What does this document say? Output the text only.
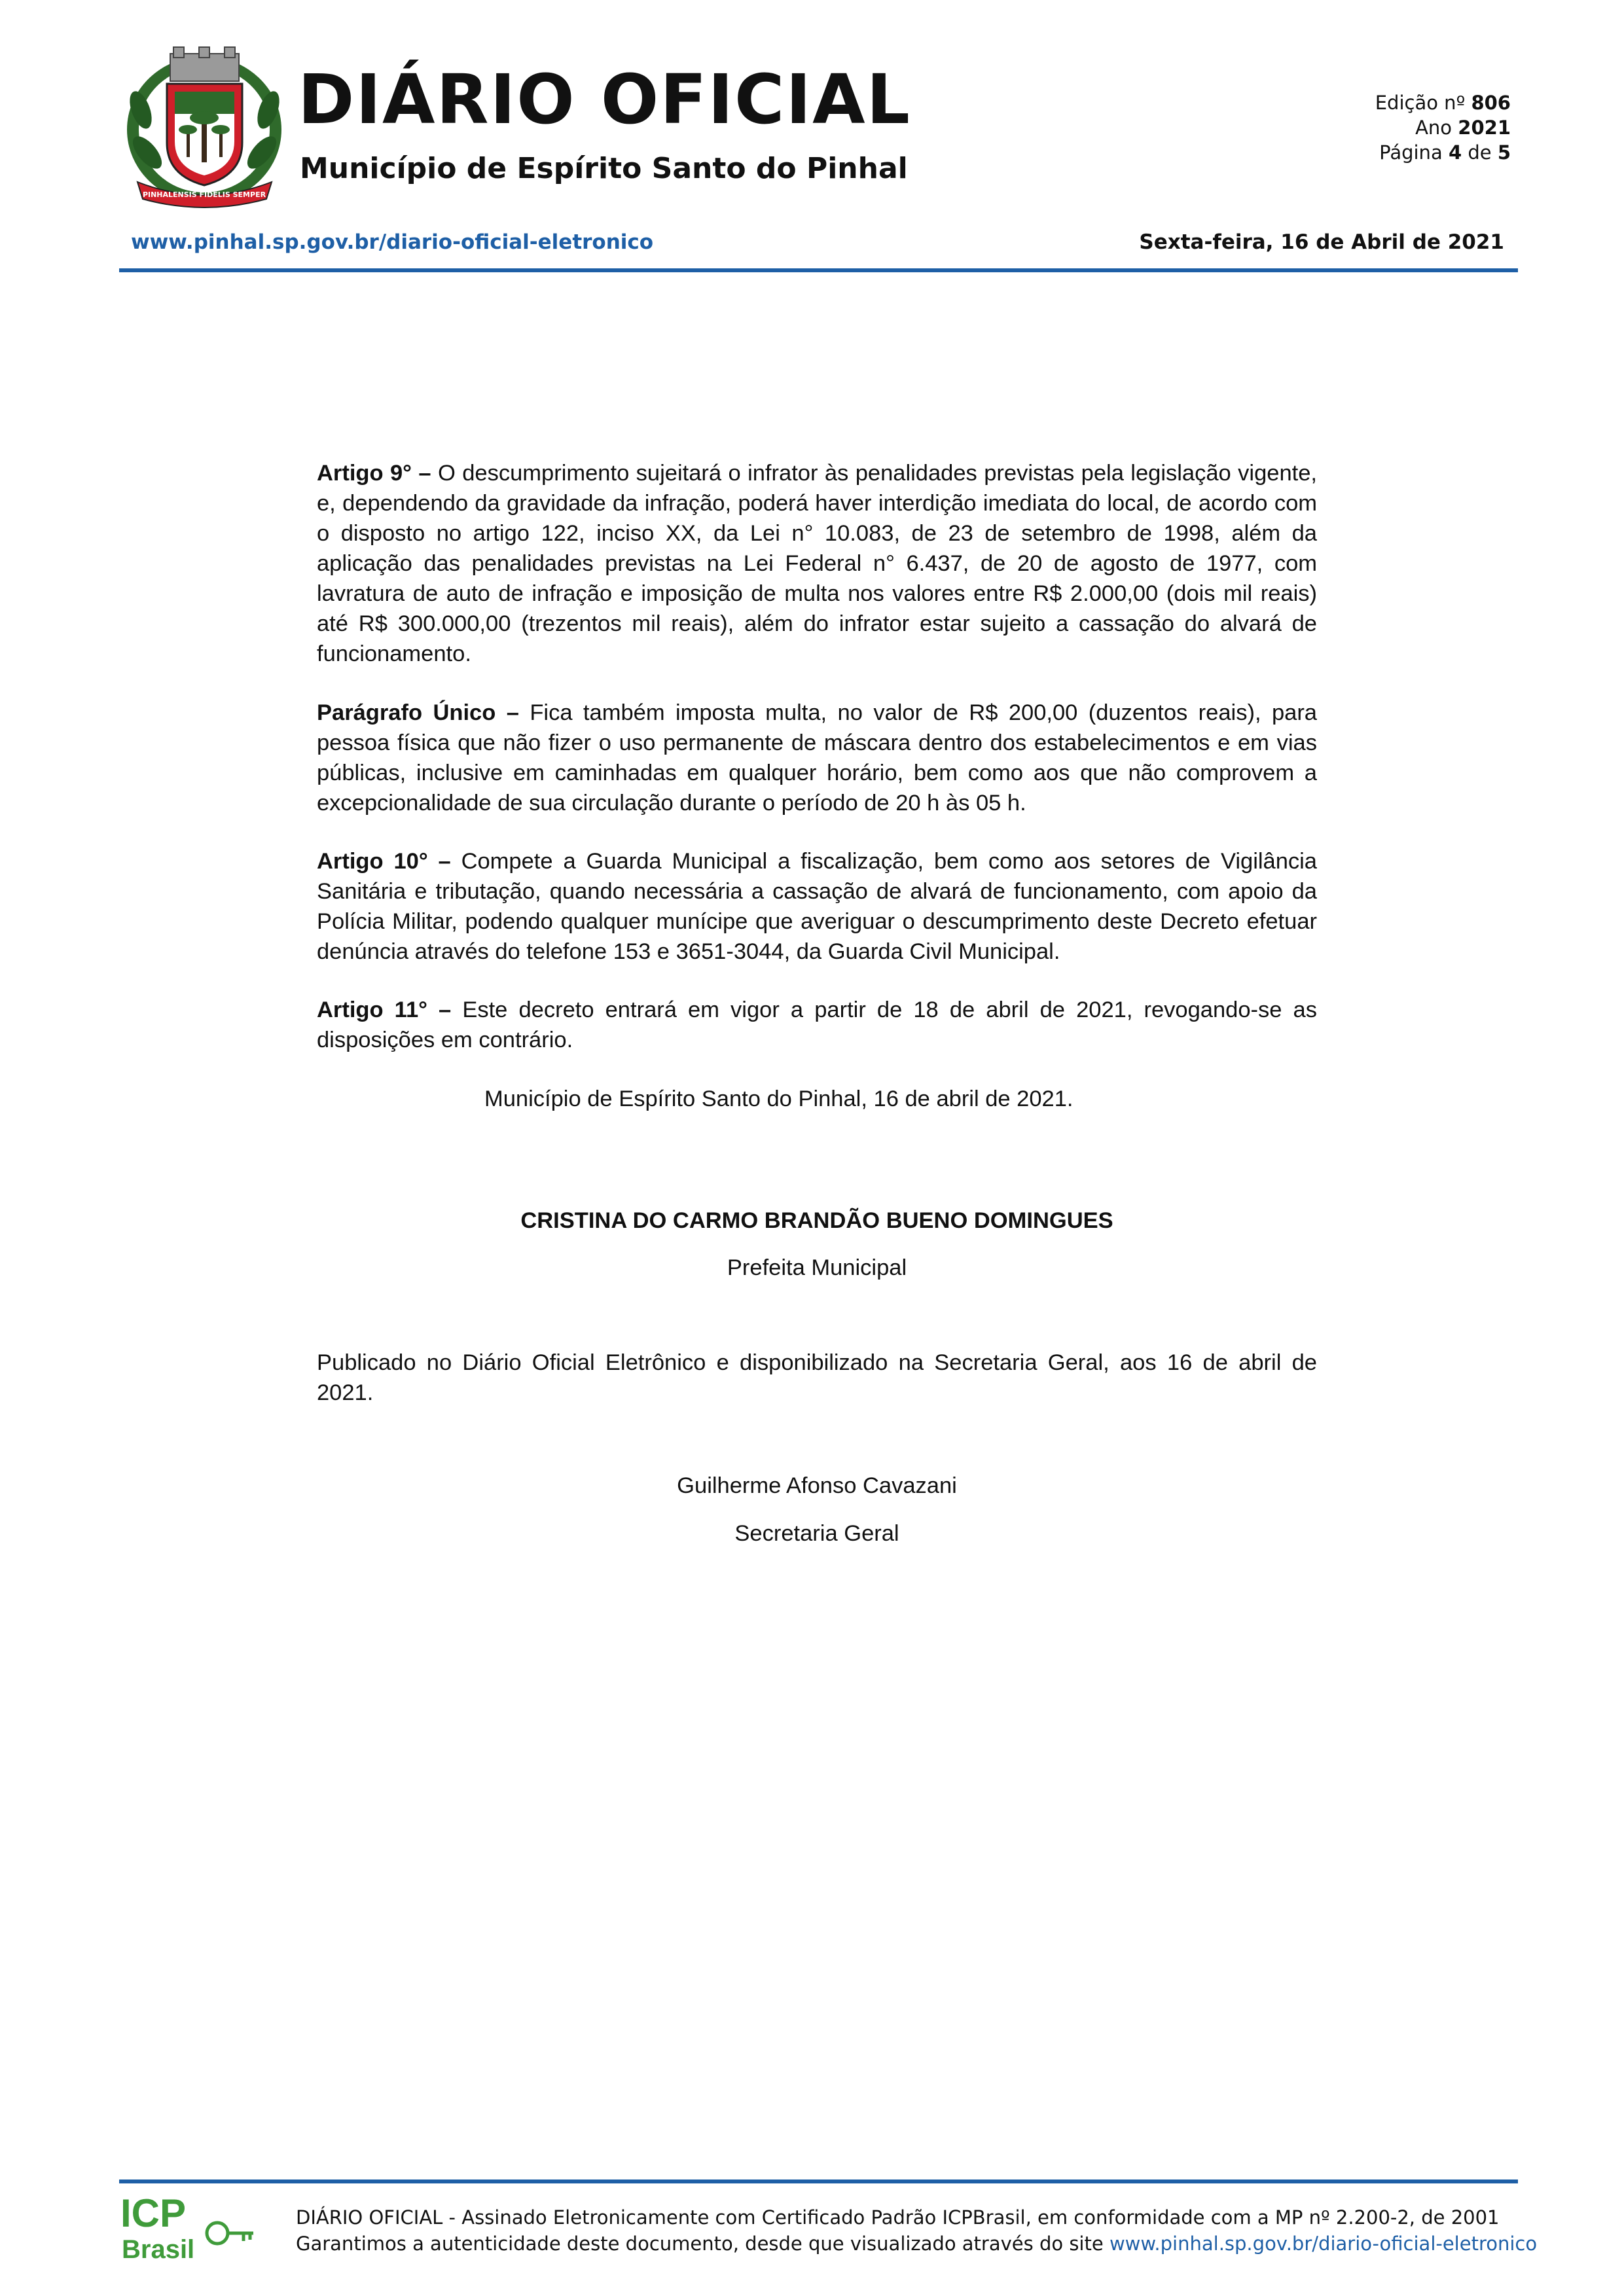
PINHALENSIS FIDELIS SEMPER
DIÁRIO OFICIAL
Município de Espírito Santo do Pinhal
Edição nº 806
Ano 2021
Página 4 de 5
www.pinhal.sp.gov.br/diario-oficial-eletronico	Sexta-feira, 16 de Abril de 2021
Artigo 9° – O descumprimento sujeitará o infrator às penalidades previstas pela legislação vigente, e, dependendo da gravidade da infração, poderá haver interdição imediata do local, de acordo com o disposto no artigo 122, inciso XX, da Lei n° 10.083, de 23 de setembro de 1998, além da aplicação das penalidades previstas na Lei Federal n° 6.437, de 20 de agosto de 1977, com lavratura de auto de infração e imposição de multa nos valores entre R$ 2.000,00 (dois mil reais) até R$ 300.000,00 (trezentos mil reais), além do infrator estar sujeito a cassação do alvará de funcionamento.
Parágrafo Único – Fica também imposta multa, no valor de R$ 200,00 (duzentos reais), para pessoa física que não fizer o uso permanente de máscara dentro dos estabelecimentos e em vias públicas, inclusive em caminhadas em qualquer horário, bem como aos que não comprovem a excepcionalidade de sua circulação durante o período de 20 h às 05 h.
Artigo 10° – Compete a Guarda Municipal a fiscalização, bem como aos setores de Vigilância Sanitária e tributação, quando necessária a cassação de alvará de funcionamento, com apoio da Polícia Militar, podendo qualquer munícipe que averiguar o descumprimento deste Decreto efetuar denúncia através do telefone 153 e 3651-3044, da Guarda Civil Municipal.
Artigo 11° – Este decreto entrará em vigor a partir de 18 de abril de 2021, revogando-se as disposições em contrário.
Município de Espírito Santo do Pinhal, 16 de abril de 2021.
CRISTINA DO CARMO BRANDÃO BUENO DOMINGUES
Prefeita Municipal
Publicado no Diário Oficial Eletrônico e disponibilizado na Secretaria Geral, aos 16 de abril de 2021.
Guilherme Afonso Cavazani
Secretaria Geral
ICP
Brasil
DIÁRIO OFICIAL - Assinado Eletronicamente com Certificado Padrão ICPBrasil, em conformidade com a MP nº 2.200-2, de 2001
Garantimos a autenticidade deste documento, desde que visualizado através do site www.pinhal.sp.gov.br/diario-oficial-eletronico
